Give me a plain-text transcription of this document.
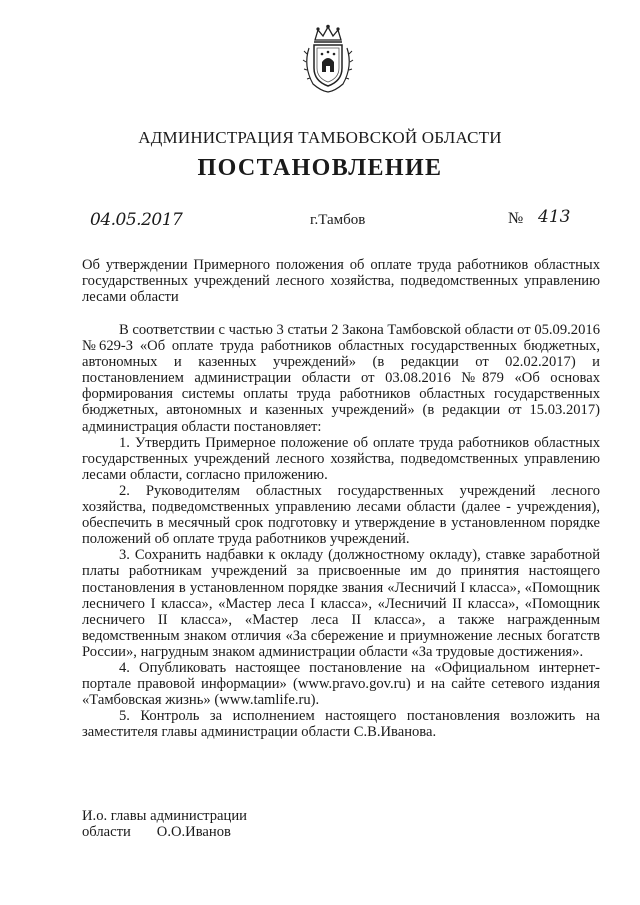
АДМИНИСТРАЦИЯ ТАМБОВСКОЙ ОБЛАСТИ
ПОСТАНОВЛЕНИЕ
04.05.2017	г.Тамбов	№ 413
Об утверждении Примерного положения об оплате труда работников областных государственных учреждений лесного хозяйства, подведомственных управлению лесами области

В соответствии с частью 3 статьи 2 Закона Тамбовской области от 05.09.2016 №629-З «Об оплате труда работников областных государственных бюджетных, автономных и казенных учреждений» (в редакции от 02.02.2017) и постановлением администрации области от 03.08.2016 №879 «Об основах формирования системы оплаты труда работников областных государственных бюджетных, автономных и казенных учреждений» (в редакции от 15.03.2017) администрация области постановляет:

1. Утвердить Примерное положение об оплате труда работников областных государственных учреждений лесного хозяйства, подведомственных управлению лесами области, согласно приложению.

2. Руководителям областных государственных учреждений лесного хозяйства, подведомственных управлению лесами области (далее - учреждения), обеспечить в месячный срок подготовку и утверждение в установленном порядке положений об оплате труда работников учреждений.

3. Сохранить надбавки к окладу (должностному окладу), ставке заработной платы работникам учреждений за присвоенные им до принятия настоящего постановления в установленном порядке звания «Лесничий I класса», «Помощник лесничего I класса», «Мастер леса I класса», «Лесничий II класса», «Помощник лесничего II класса», «Мастер леса II класса», а также награжденным ведомственным знаком отличия «За сбережение и приумножение лесных богатств России», нагрудным знаком администрации области «За трудовые достижения».

4. Опубликовать настоящее постановление на «Официальном интернет-портале правовой информации» (www.pravo.gov.ru) и на сайте сетевого издания «Тамбовская жизнь» (www.tamlife.ru).

5. Контроль за исполнением настоящего постановления возложить на заместителя главы администрации области С.В.Иванова.

И.о. главы администрации
области О.О.Иванов
